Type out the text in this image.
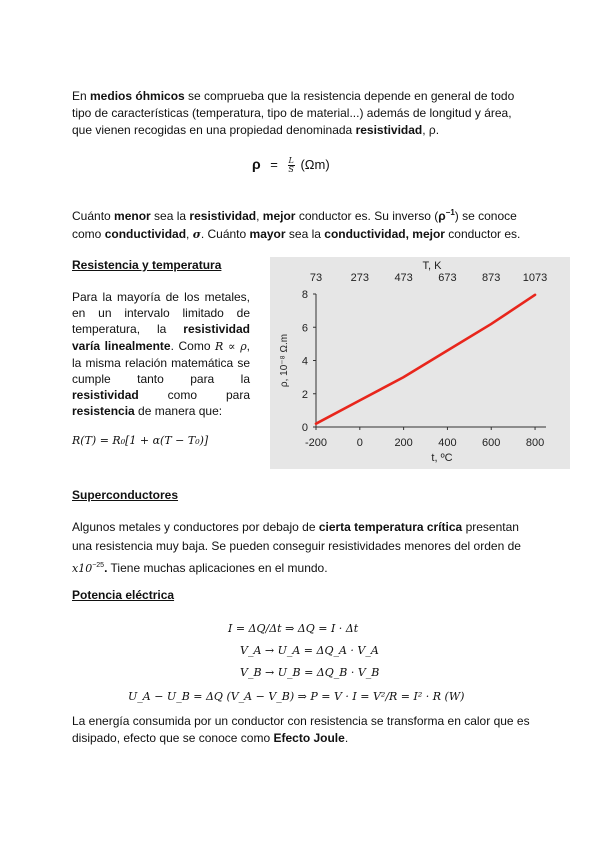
En medios óhmicos se comprueba que la resistencia depende en general de todo tipo de características (temperatura, tipo de material...) además de longitud y área, que vienen recogidas en una propiedad denominada resistividad, ρ.
$\rho = \frac{L}{S} (\Omega m)$
Cuánto menor sea la resistividad, mejor conductor es. Su inverso $(\rho^{-1})$ se conoce como conductividad, σ. Cuánto mayor sea la conductividad, mejor conductor es.
Resistencia y temperatura
Para la mayoría de los metales,
en un intervalo limitado de
temperatura, la resistividad
varía linealmente. Como R ∝ ρ,
la misma relación matemática se
cumple tanto para la
resistividad como para
resistencia de manera que:
R(T) = R₀[1 + α(T − T₀)]
0
2
4
6
8
-200	0	200 400 600 800
73	273 473 673 873 1073
T, K
t, ºC
ρ, 10⁻⁸ Ω.m
Superconductores
Algunos metales y conductores por debajo de cierta temperatura crítica presentan una resistencia muy baja. Se pueden conseguir resistividades menores del orden de $x10^{-25}$. Tiene muchas aplicaciones en el mundo.
Potencia eléctrica
I = ΔQ/Δt ⇒ ΔQ = I · Δt
V_A → U_A = ΔQ_A · V_A
V_B → U_B = ΔQ_B · V_B
U_A − U_B = ΔQ (V_A − V_B) ⇒ P = V · I = V²/R = I² · R (W)
La energía consumida por un conductor con resistencia se transforma en calor que es disipado, efecto que se conoce como Efecto Joule.
